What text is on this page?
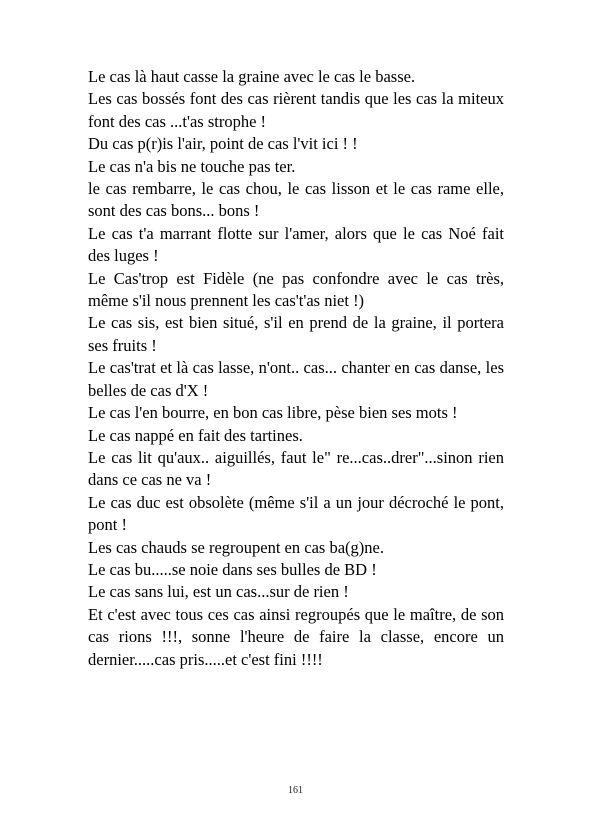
Le cas là haut casse la graine avec le cas le basse.

Les cas bossés font des cas rièrent tandis que les cas la miteux font des cas ...t'as strophe !

Du cas p(r)is l'air, point de cas l'vit ici ! !

Le cas n'a bis ne touche pas ter.

le cas rembarre, le cas chou, le cas lisson et le cas rame elle, sont des cas bons... bons !

Le cas t'a marrant flotte sur l'amer, alors que le cas Noé fait des luges !

Le Cas'trop est Fidèle (ne pas confondre avec le cas très, même s'il nous prennent les cas't'as niet !)

Le cas sis, est bien situé, s'il en prend de la graine, il portera ses fruits !

Le cas'trat et là cas lasse, n'ont.. cas... chanter en cas danse, les belles de cas d'X !

Le cas l'en bourre, en bon cas libre, pèse bien ses mots !

Le cas nappé en fait des tartines.

Le cas lit qu'aux.. aiguillés, faut le" re...cas..drer"...sinon rien dans ce cas ne va !

Le cas duc est obsolète (même s'il a un jour décroché le pont, pont !

Les cas chauds se regroupent en cas ba(g)ne.

Le cas bu.....se noie dans ses bulles de BD !

Le cas sans lui, est un cas...sur de rien !

Et c'est avec tous ces cas ainsi regroupés que le maître, de son cas rions !!!, sonne l'heure de faire la classe, encore un dernier.....cas pris.....et c'est fini !!!!

161
